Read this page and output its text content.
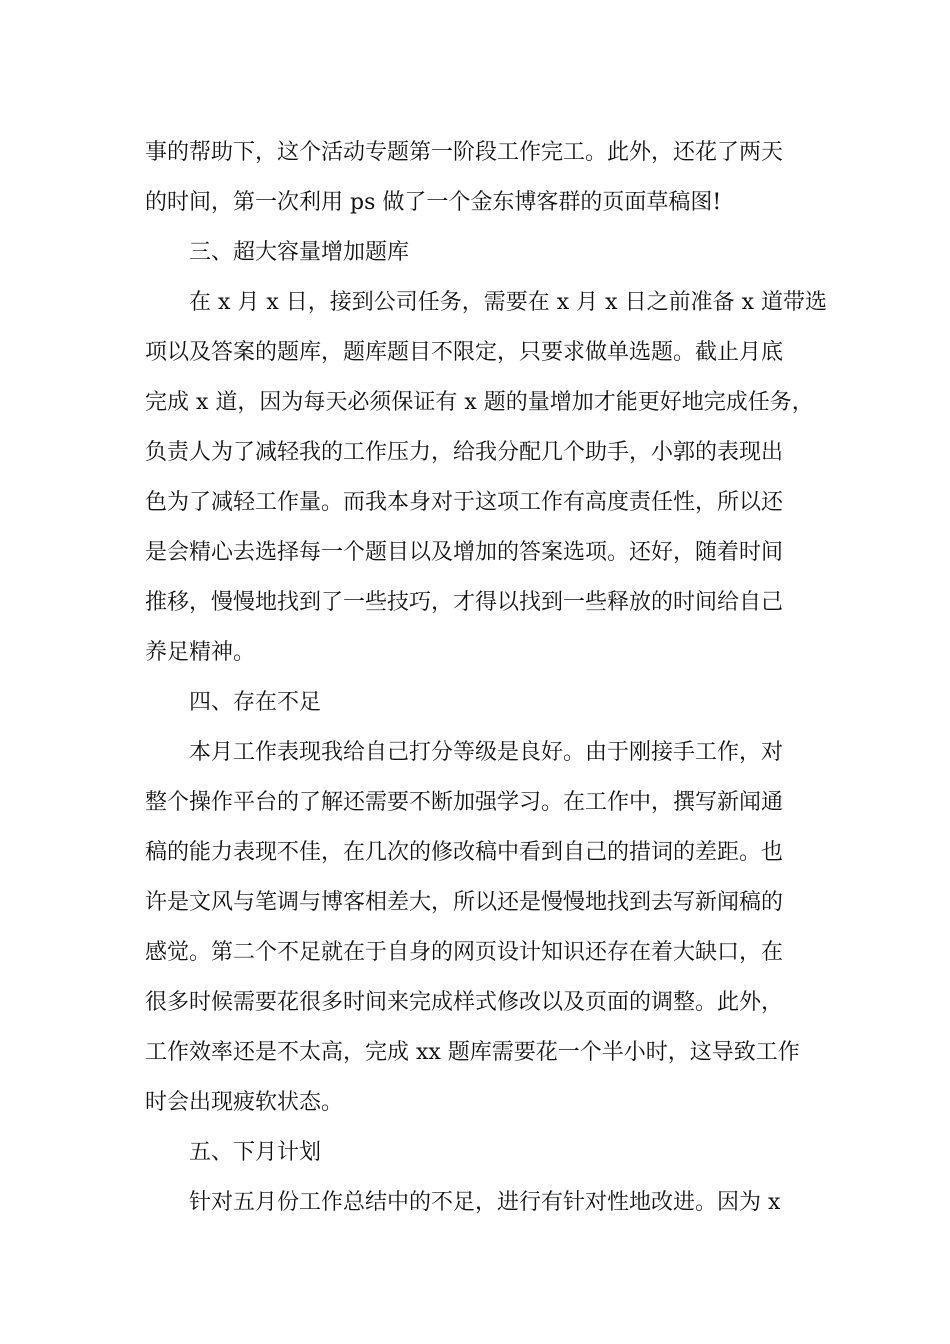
事的帮助下，这个活动专题第一阶段工作完工。此外，还花了两天
的时间，第一次利用 ps 做了一个金东博客群的页面草稿图!
三、超大容量增加题库
在 x 月 x 日，接到公司任务，需要在 x 月 x 日之前准备 x 道带选
项以及答案的题库，题库题目不限定，只要求做单选题。截止月底
完成 x 道，因为每天必须保证有 x 题的量增加才能更好地完成任务，
负责人为了减轻我的工作压力，给我分配几个助手，小郭的表现出
色为了减轻工作量。而我本身对于这项工作有高度责任性，所以还
是会精心去选择每一个题目以及增加的答案选项。还好，随着时间
推移，慢慢地找到了一些技巧，才得以找到一些释放的时间给自己
养足精神。
四、存在不足
本月工作表现我给自己打分等级是良好。由于刚接手工作，对
整个操作平台的了解还需要不断加强学习。在工作中，撰写新闻通
稿的能力表现不佳，在几次的修改稿中看到自己的措词的差距。也
许是文风与笔调与博客相差大，所以还是慢慢地找到去写新闻稿的
感觉。第二个不足就在于自身的网页设计知识还存在着大缺口，在
很多时候需要花很多时间来完成样式修改以及页面的调整。此外，
工作效率还是不太高，完成 xx 题库需要花一个半小时，这导致工作
时会出现疲软状态。
五、下月计划
针对五月份工作总结中的不足，进行有针对性地改进。因为 x
